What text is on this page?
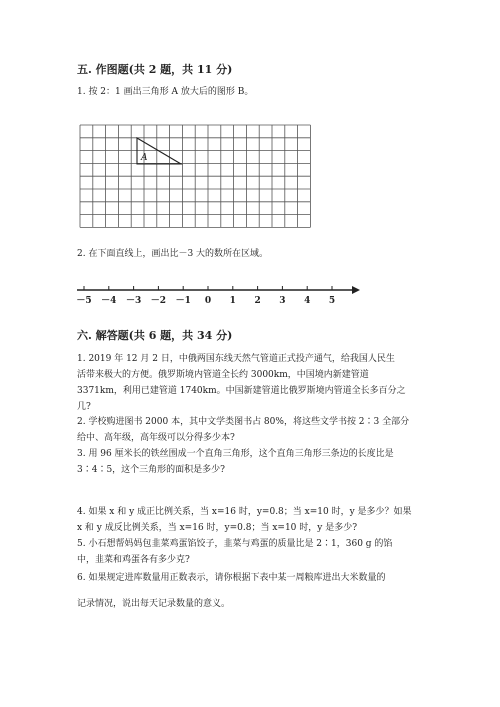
五. 作图题(共 2 题，共 11 分)
1. 按 2：1 画出三角形 A 放大后的图形 B。
A
2. 在下面直线上，画出比－3 大的数所在区域。
－5 －4 －3 －2 －1 0 1 2 3 4 5
六. 解答题(共 6 题，共 34 分)
1. 2019 年 12 月 2 日，中俄两国东线天然气管道正式投产通气，给我国人民生
活带来极大的方便。俄罗斯境内管道全长约 3000km，中国境内新建管道
3371km，利用已建管道 1740km。中国新建管道比俄罗斯境内管道全长多百分之
几?
2. 学校购进图书 2000 本，其中文学类图书占 80%，将这些文学书按 2∶3 全部分
给中、高年级，高年级可以分得多少本?
3. 用 96 厘米长的铁丝围成一个直角三角形，这个直角三角形三条边的长度比是
3∶4∶5，这个三角形的面积是多少?
4. 如果 x 和 y 成正比例关系，当 x=16 时，y=0.8；当 x=10 时，y 是多少？如果
x 和 y 成反比例关系，当 x=16 时，y=0.8；当 x=10 时，y 是多少?
5. 小石想帮妈妈包韭菜鸡蛋馅饺子，韭菜与鸡蛋的质量比是 2∶1，360 g 的馅
中，韭菜和鸡蛋各有多少克?
6. 如果规定进库数量用正数表示，请你根据下表中某一周粮库进出大米数量的
记录情况，说出每天记录数量的意义。
